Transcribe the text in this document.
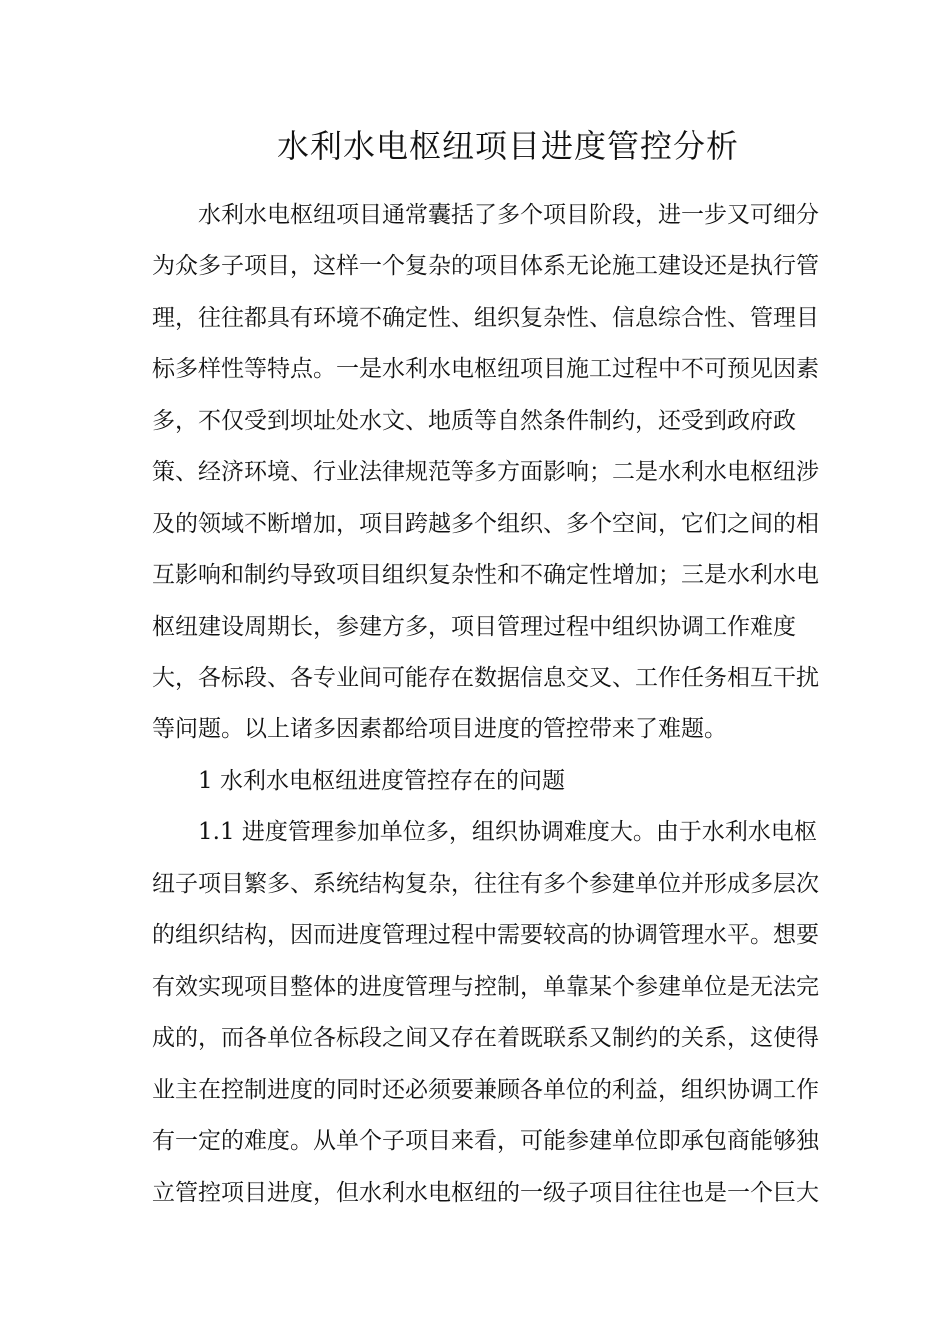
水利水电枢纽项目进度管控分析

水利水电枢纽项目通常囊括了多个项目阶段，进一步又可细分

为众多子项目，这样一个复杂的项目体系无论施工建设还是执行管

理，往往都具有环境不确定性、组织复杂性、信息综合性、管理目

标多样性等特点。一是水利水电枢纽项目施工过程中不可预见因素

多，不仅受到坝址处水文、地质等自然条件制约，还受到政府政

策、经济环境、行业法律规范等多方面影响；二是水利水电枢纽涉

及的领域不断增加，项目跨越多个组织、多个空间，它们之间的相

互影响和制约导致项目组织复杂性和不确定性增加；三是水利水电

枢纽建设周期长，参建方多，项目管理过程中组织协调工作难度

大，各标段、各专业间可能存在数据信息交叉、工作任务相互干扰

等问题。以上诸多因素都给项目进度的管控带来了难题。

1 水利水电枢纽进度管控存在的问题

1.1 进度管理参加单位多，组织协调难度大。由于水利水电枢

纽子项目繁多、系统结构复杂，往往有多个参建单位并形成多层次

的组织结构，因而进度管理过程中需要较高的协调管理水平。想要

有效实现项目整体的进度管理与控制，单靠某个参建单位是无法完

成的，而各单位各标段之间又存在着既联系又制约的关系，这使得

业主在控制进度的同时还必须要兼顾各单位的利益，组织协调工作

有一定的难度。从单个子项目来看，可能参建单位即承包商能够独

立管控项目进度，但水利水电枢纽的一级子项目往往也是一个巨大
